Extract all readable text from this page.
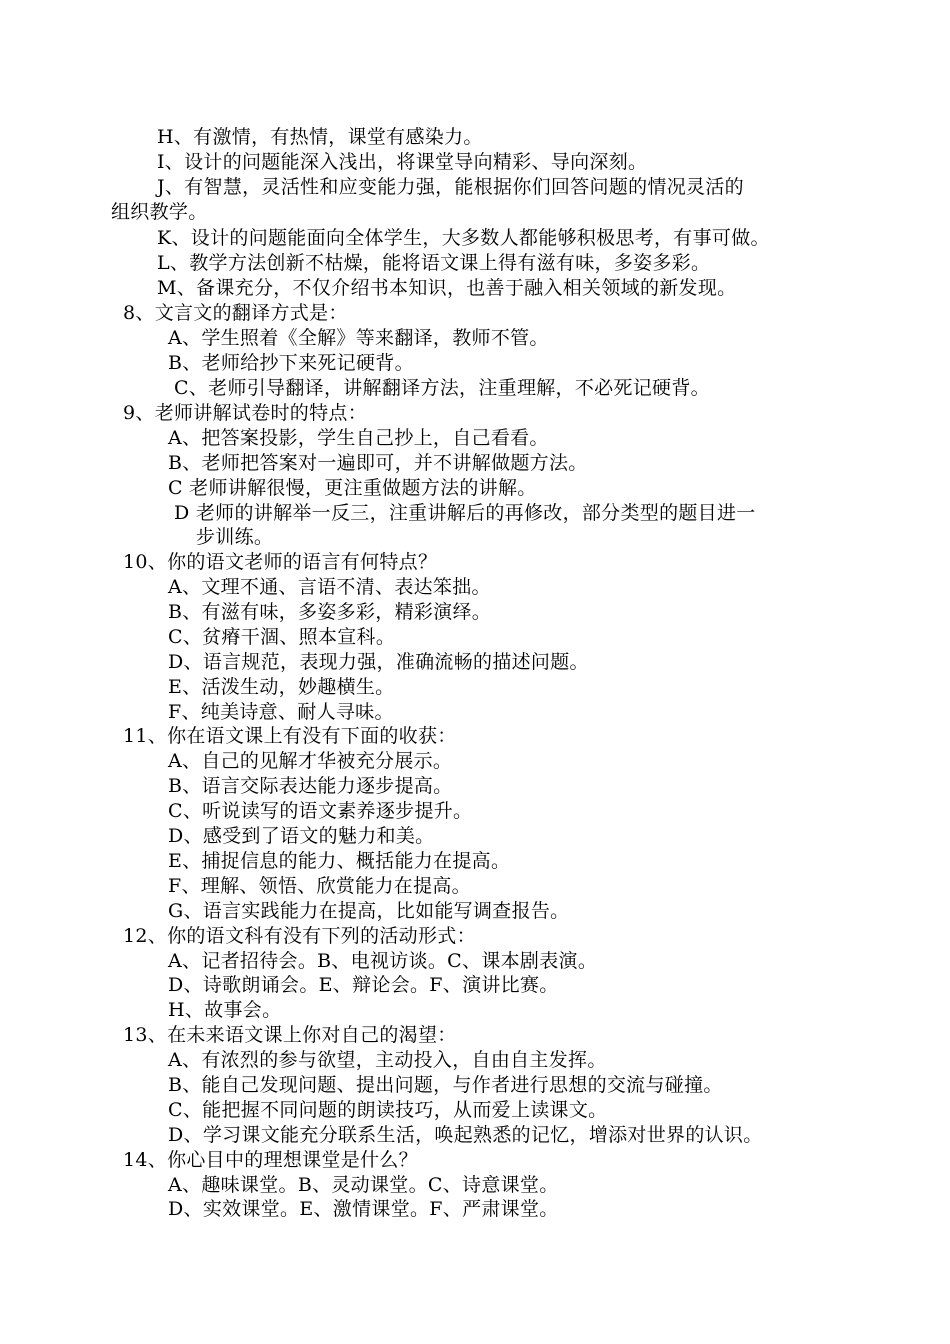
H、有激情，有热情，课堂有感染力。
I、设计的问题能深入浅出，将课堂导向精彩、导向深刻。
J、有智慧，灵活性和应变能力强，能根据你们回答问题的情况灵活的
组织教学。
K、设计的问题能面向全体学生，大多数人都能够积极思考，有事可做。
L、教学方法创新不枯燥，能将语文课上得有滋有味，多姿多彩。
M、备课充分，不仅介绍书本知识，也善于融入相关领域的新发现。
8、文言文的翻译方式是：
A、学生照着《全解》等来翻译，教师不管。
B、老师给抄下来死记硬背。
C、老师引导翻译，讲解翻译方法，注重理解，不必死记硬背。
9、老师讲解试卷时的特点：
A、把答案投影，学生自己抄上，自己看看。
B、老师把答案对一遍即可，并不讲解做题方法。
C 老师讲解很慢，更注重做题方法的讲解。
D 老师的讲解举一反三，注重讲解后的再修改，部分类型的题目进一
步训练。
10、你的语文老师的语言有何特点？
A、文理不通、言语不清、表达笨拙。
B、有滋有味，多姿多彩，精彩演绎。
C、贫瘠干涸、照本宣科。
D、语言规范，表现力强，准确流畅的描述问题。
E、活泼生动，妙趣横生。
F、纯美诗意、耐人寻味。
11、你在语文课上有没有下面的收获：
A、自己的见解才华被充分展示。
B、语言交际表达能力逐步提高。
C、听说读写的语文素养逐步提升。
D、感受到了语文的魅力和美。
E、捕捉信息的能力、概括能力在提高。
F、理解、领悟、欣赏能力在提高。
G、语言实践能力在提高，比如能写调查报告。
12、你的语文科有没有下列的活动形式：
A、记者招待会。B、电视访谈。C、课本剧表演。
D、诗歌朗诵会。E、辩论会。F、演讲比赛。
H、故事会。
13、在未来语文课上你对自己的渴望：
A、有浓烈的参与欲望，主动投入，自由自主发挥。
B、能自己发现问题、提出问题，与作者进行思想的交流与碰撞。
C、能把握不同问题的朗读技巧，从而爱上读课文。
D、学习课文能充分联系生活，唤起熟悉的记忆，增添对世界的认识。
14、你心目中的理想课堂是什么？
A、趣味课堂。B、灵动课堂。C、诗意课堂。
D、实效课堂。E、激情课堂。F、严肃课堂。
